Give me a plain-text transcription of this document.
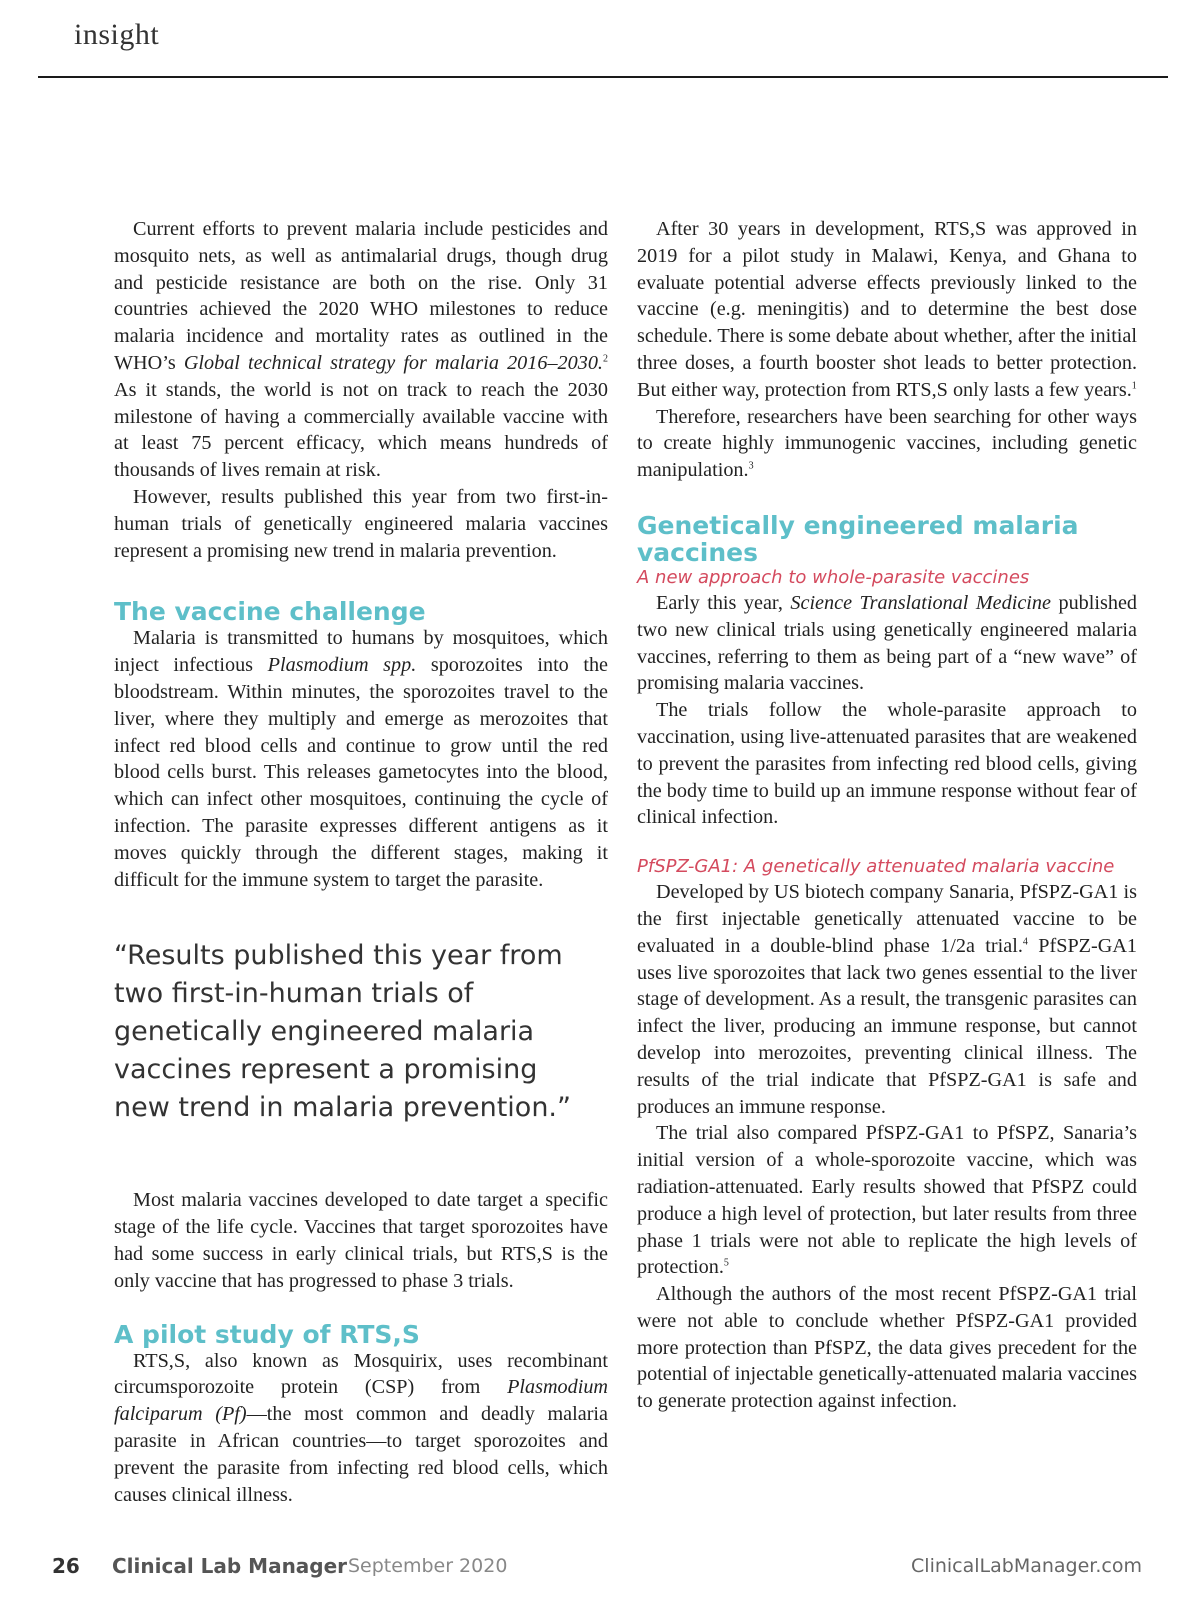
insight

Current efforts to prevent malaria include pesticides and mosquito nets, as well as antimalarial drugs, though drug and pesticide resistance are both on the rise. Only 31 countries achieved the 2020 WHO milestones to reduce malaria incidence and mortality rates as outlined in the WHO’s Global technical strategy for malaria 2016–2030.$^2$ As it stands, the world is not on track to reach the 2030 milestone of having a commercially available vaccine with at least 75 percent efficacy, which means hundreds of thousands of lives remain at risk.

However, results published this year from two first-in-human trials of genetically engineered malaria vaccines represent a promising new trend in malaria prevention.

The vaccine challenge

Malaria is transmitted to humans by mosquitoes, which inject infectious Plasmodium spp. sporozoites into the bloodstream. Within minutes, the sporozoites travel to the liver, where they multiply and emerge as merozoites that infect red blood cells and continue to grow until the red blood cells burst. This releases gametocytes into the blood, which can infect other mosquitoes, continuing the cycle of infection. The parasite expresses different antigens as it moves quickly through the different stages, making it difficult for the immune system to target the parasite.

“Results published this year from two first-in-human trials of genetically engineered malaria vaccines represent a promising new trend in malaria prevention.”

Most malaria vaccines developed to date target a specific stage of the life cycle. Vaccines that target sporozoites have had some success in early clinical trials, but RTS,S is the only vaccine that has progressed to phase 3 trials.

A pilot study of RTS,S

RTS,S, also known as Mosquirix, uses recombinant circumsporozoite protein (CSP) from Plasmodium falciparum (Pf)—the most common and deadly malaria parasite in African countries—to target sporozoites and prevent the parasite from infecting red blood cells, which causes clinical illness.

After 30 years in development, RTS,S was approved in 2019 for a pilot study in Malawi, Kenya, and Ghana to evaluate potential adverse effects previously linked to the vaccine (e.g. meningitis) and to determine the best dose schedule. There is some debate about whether, after the initial three doses, a fourth booster shot leads to better protection. But either way, protection from RTS,S only lasts a few years.$^1$

Therefore, researchers have been searching for other ways to create highly immunogenic vaccines, including genetic manipulation.$^3$

Genetically engineered malaria vaccines
A new approach to whole-parasite vaccines

Early this year, Science Translational Medicine published two new clinical trials using genetically engineered malaria vaccines, referring to them as being part of a “new wave” of promising malaria vaccines.

The trials follow the whole-parasite approach to vaccination, using live-attenuated parasites that are weakened to prevent the parasites from infecting red blood cells, giving the body time to build up an immune response without fear of clinical infection.

PfSPZ-GA1: A genetically attenuated malaria vaccine

Developed by US biotech company Sanaria, PfSPZ-GA1 is the first injectable genetically attenuated vaccine to be evaluated in a double-blind phase 1/2a trial.$^4$ PfSPZ-GA1 uses live sporozoites that lack two genes essential to the liver stage of development. As a result, the transgenic parasites can infect the liver, producing an immune response, but cannot develop into merozoites, preventing clinical illness. The results of the trial indicate that PfSPZ-GA1 is safe and produces an immune response.

The trial also compared PfSPZ-GA1 to PfSPZ, Sanaria’s initial version of a whole-sporozoite vaccine, which was radiation-attenuated. Early results showed that PfSPZ could produce a high level of protection, but later results from three phase 1 trials were not able to replicate the high levels of protection.$^5$

Although the authors of the most recent PfSPZ-GA1 trial were not able to conclude whether PfSPZ-GA1 provided more protection than PfSPZ, the data gives precedent for the potential of injectable genetically-attenuated malaria vaccines to generate protection against infection.

26 Clinical Lab Manager September 2020	ClinicalLabManager.com
